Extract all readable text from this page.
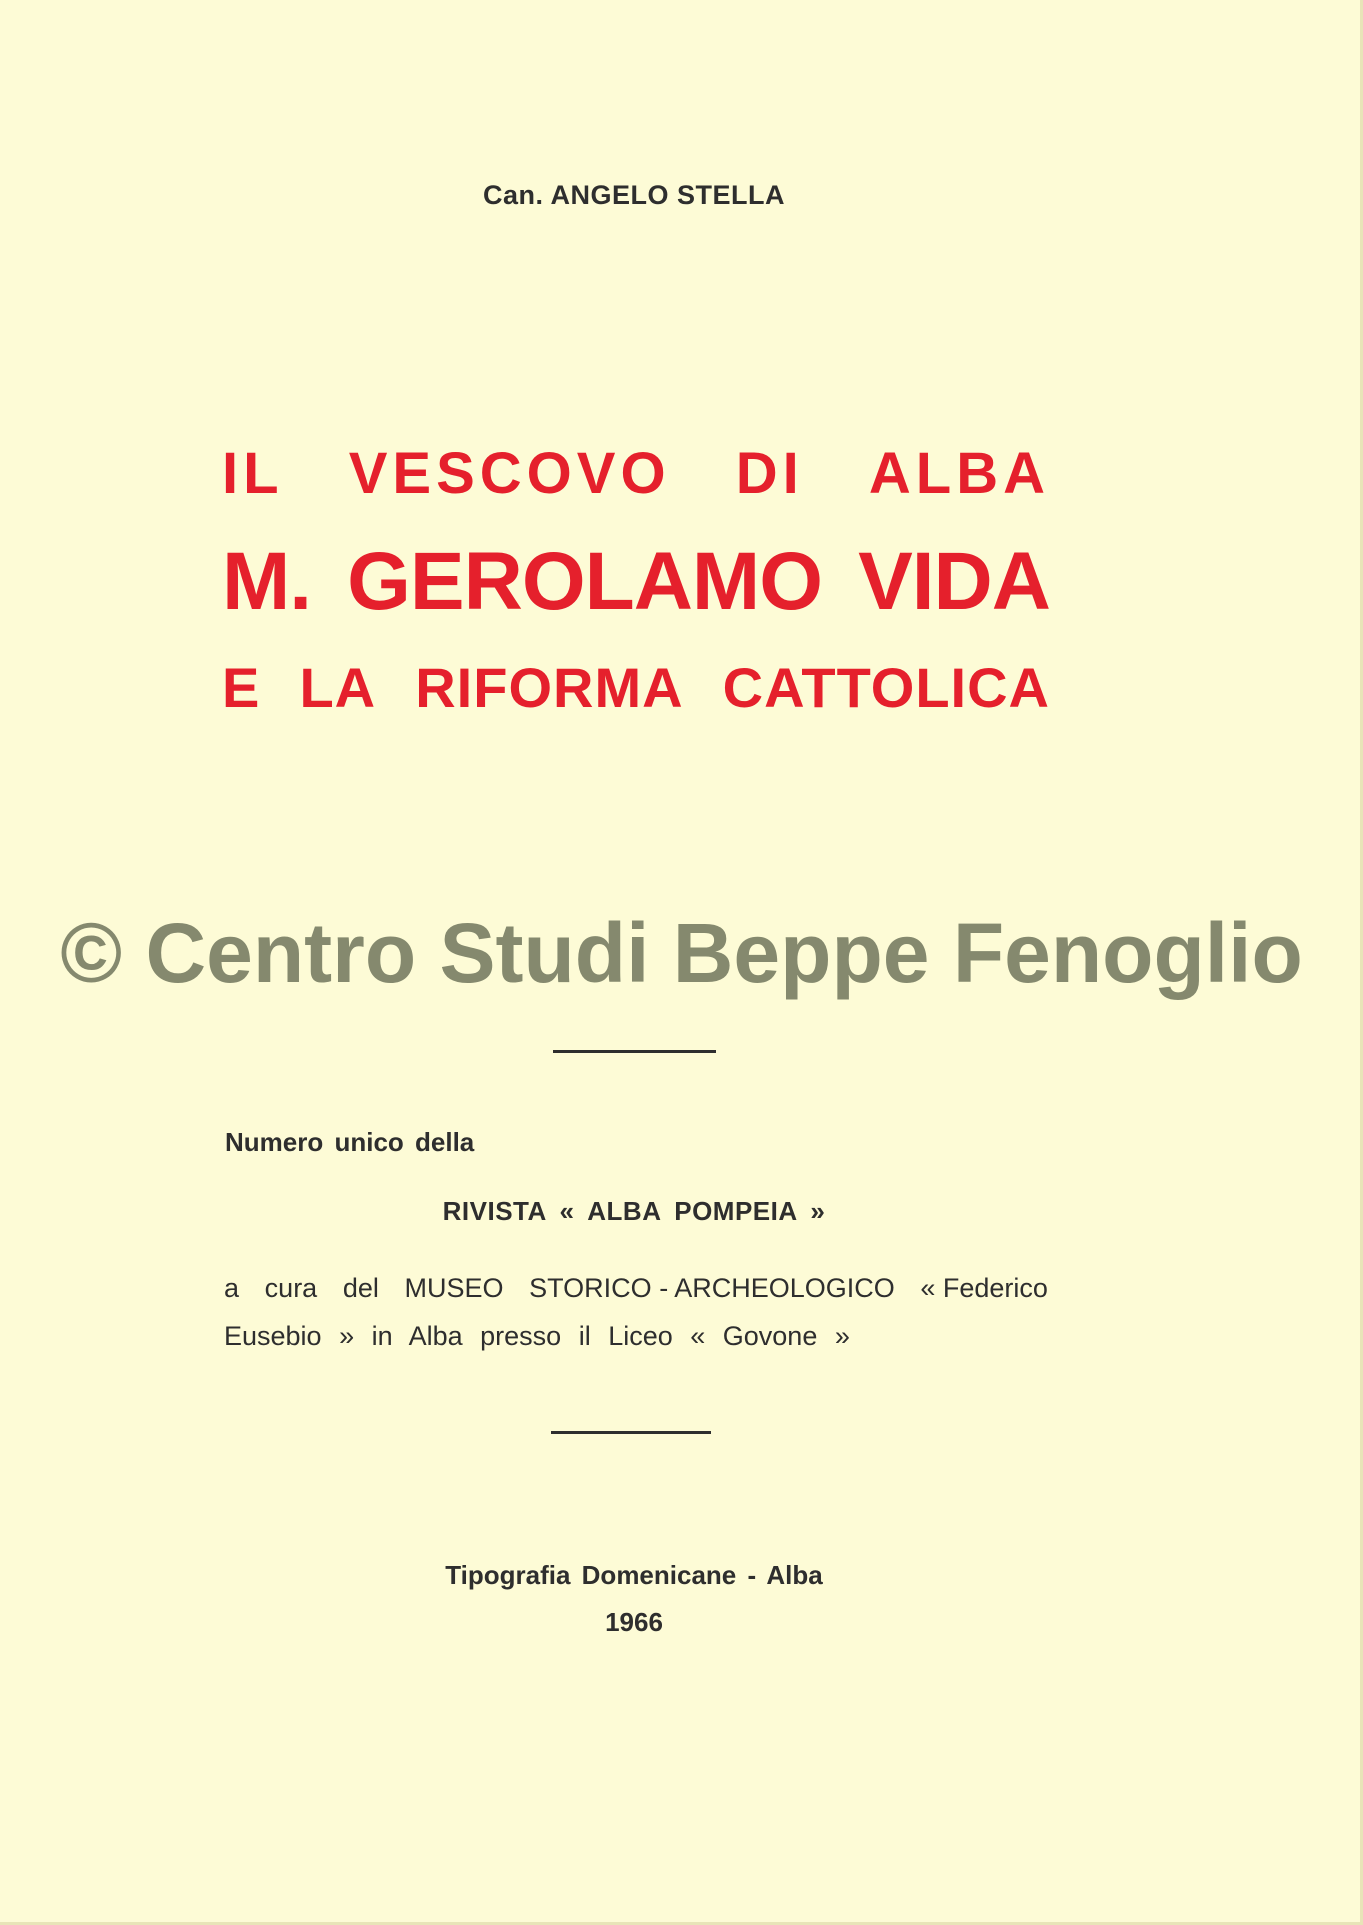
Can. ANGELO STELLA
IL VESCOVO DI ALBA
M. GEROLAMO VIDA
E LA RIFORMA CATTOLICA
© Centro Studi Beppe Fenoglio
Numero unico della
RIVISTA « ALBA POMPEIA »
a cura del MUSEO STORICO - ARCHEOLOGICO « Federico
Eusebio » in Alba presso il Liceo « Govone »
Tipografia Domenicane - Alba
1966
